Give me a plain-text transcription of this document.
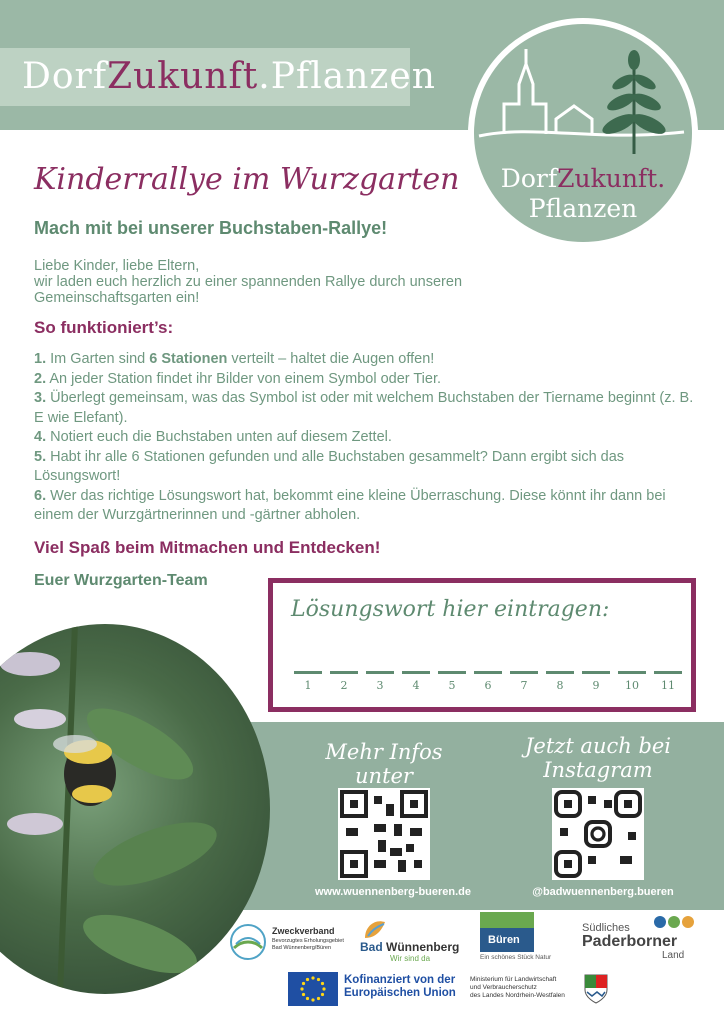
DorfZukunft.Pflanzen
DorfZukunft.
Pflanzen
Kinderrallye im Wurzgarten
Mach mit bei unserer Buchstaben-Rallye!
Liebe Kinder, liebe Eltern,
wir laden euch herzlich zu einer spannenden Rallye durch unseren Gemeinschaftsgarten ein!
So funktioniert’s:
1. Im Garten sind 6 Stationen verteilt – haltet die Augen offen!
2. An jeder Station findet ihr Bilder von einem Symbol oder Tier.
3. Überlegt gemeinsam, was das Symbol ist oder mit welchem Buchstaben der Tiername beginnt (z. B. E wie Elefant).
4. Notiert euch die Buchstaben unten auf diesem Zettel.
5. Habt ihr alle 6 Stationen gefunden und alle Buchstaben gesammelt? Dann ergibt sich das Lösungswort!
6. Wer das richtige Lösungswort hat, bekommt eine kleine Überraschung. Diese könnt ihr dann bei einem der Wurzgärtnerinnen und -gärtner abholen.
Viel Spaß beim Mitmachen und Entdecken!
Euer Wurzgarten-Team
Lösungswort hier eintragen:
1	2	3	4	5	6	7	8	9	10	11
Mehr Infos unter
Jetzt auch bei Instagram
www.wuennenberg-bueren.de	@badwuennenberg.bueren
Zweckverband
Bevorzugtes Erholungsgebiet
Bad Wünnenberg/Büren	Bad Wünnenberg
Wir sind da
Büren
Ein schönes Stück Natur
Südliches
Paderborner
Land
Kofinanziert von der
Europäischen Union
Ministerium für Landwirtschaft
und Verbraucherschutz
des Landes Nordrhein-Westfalen
